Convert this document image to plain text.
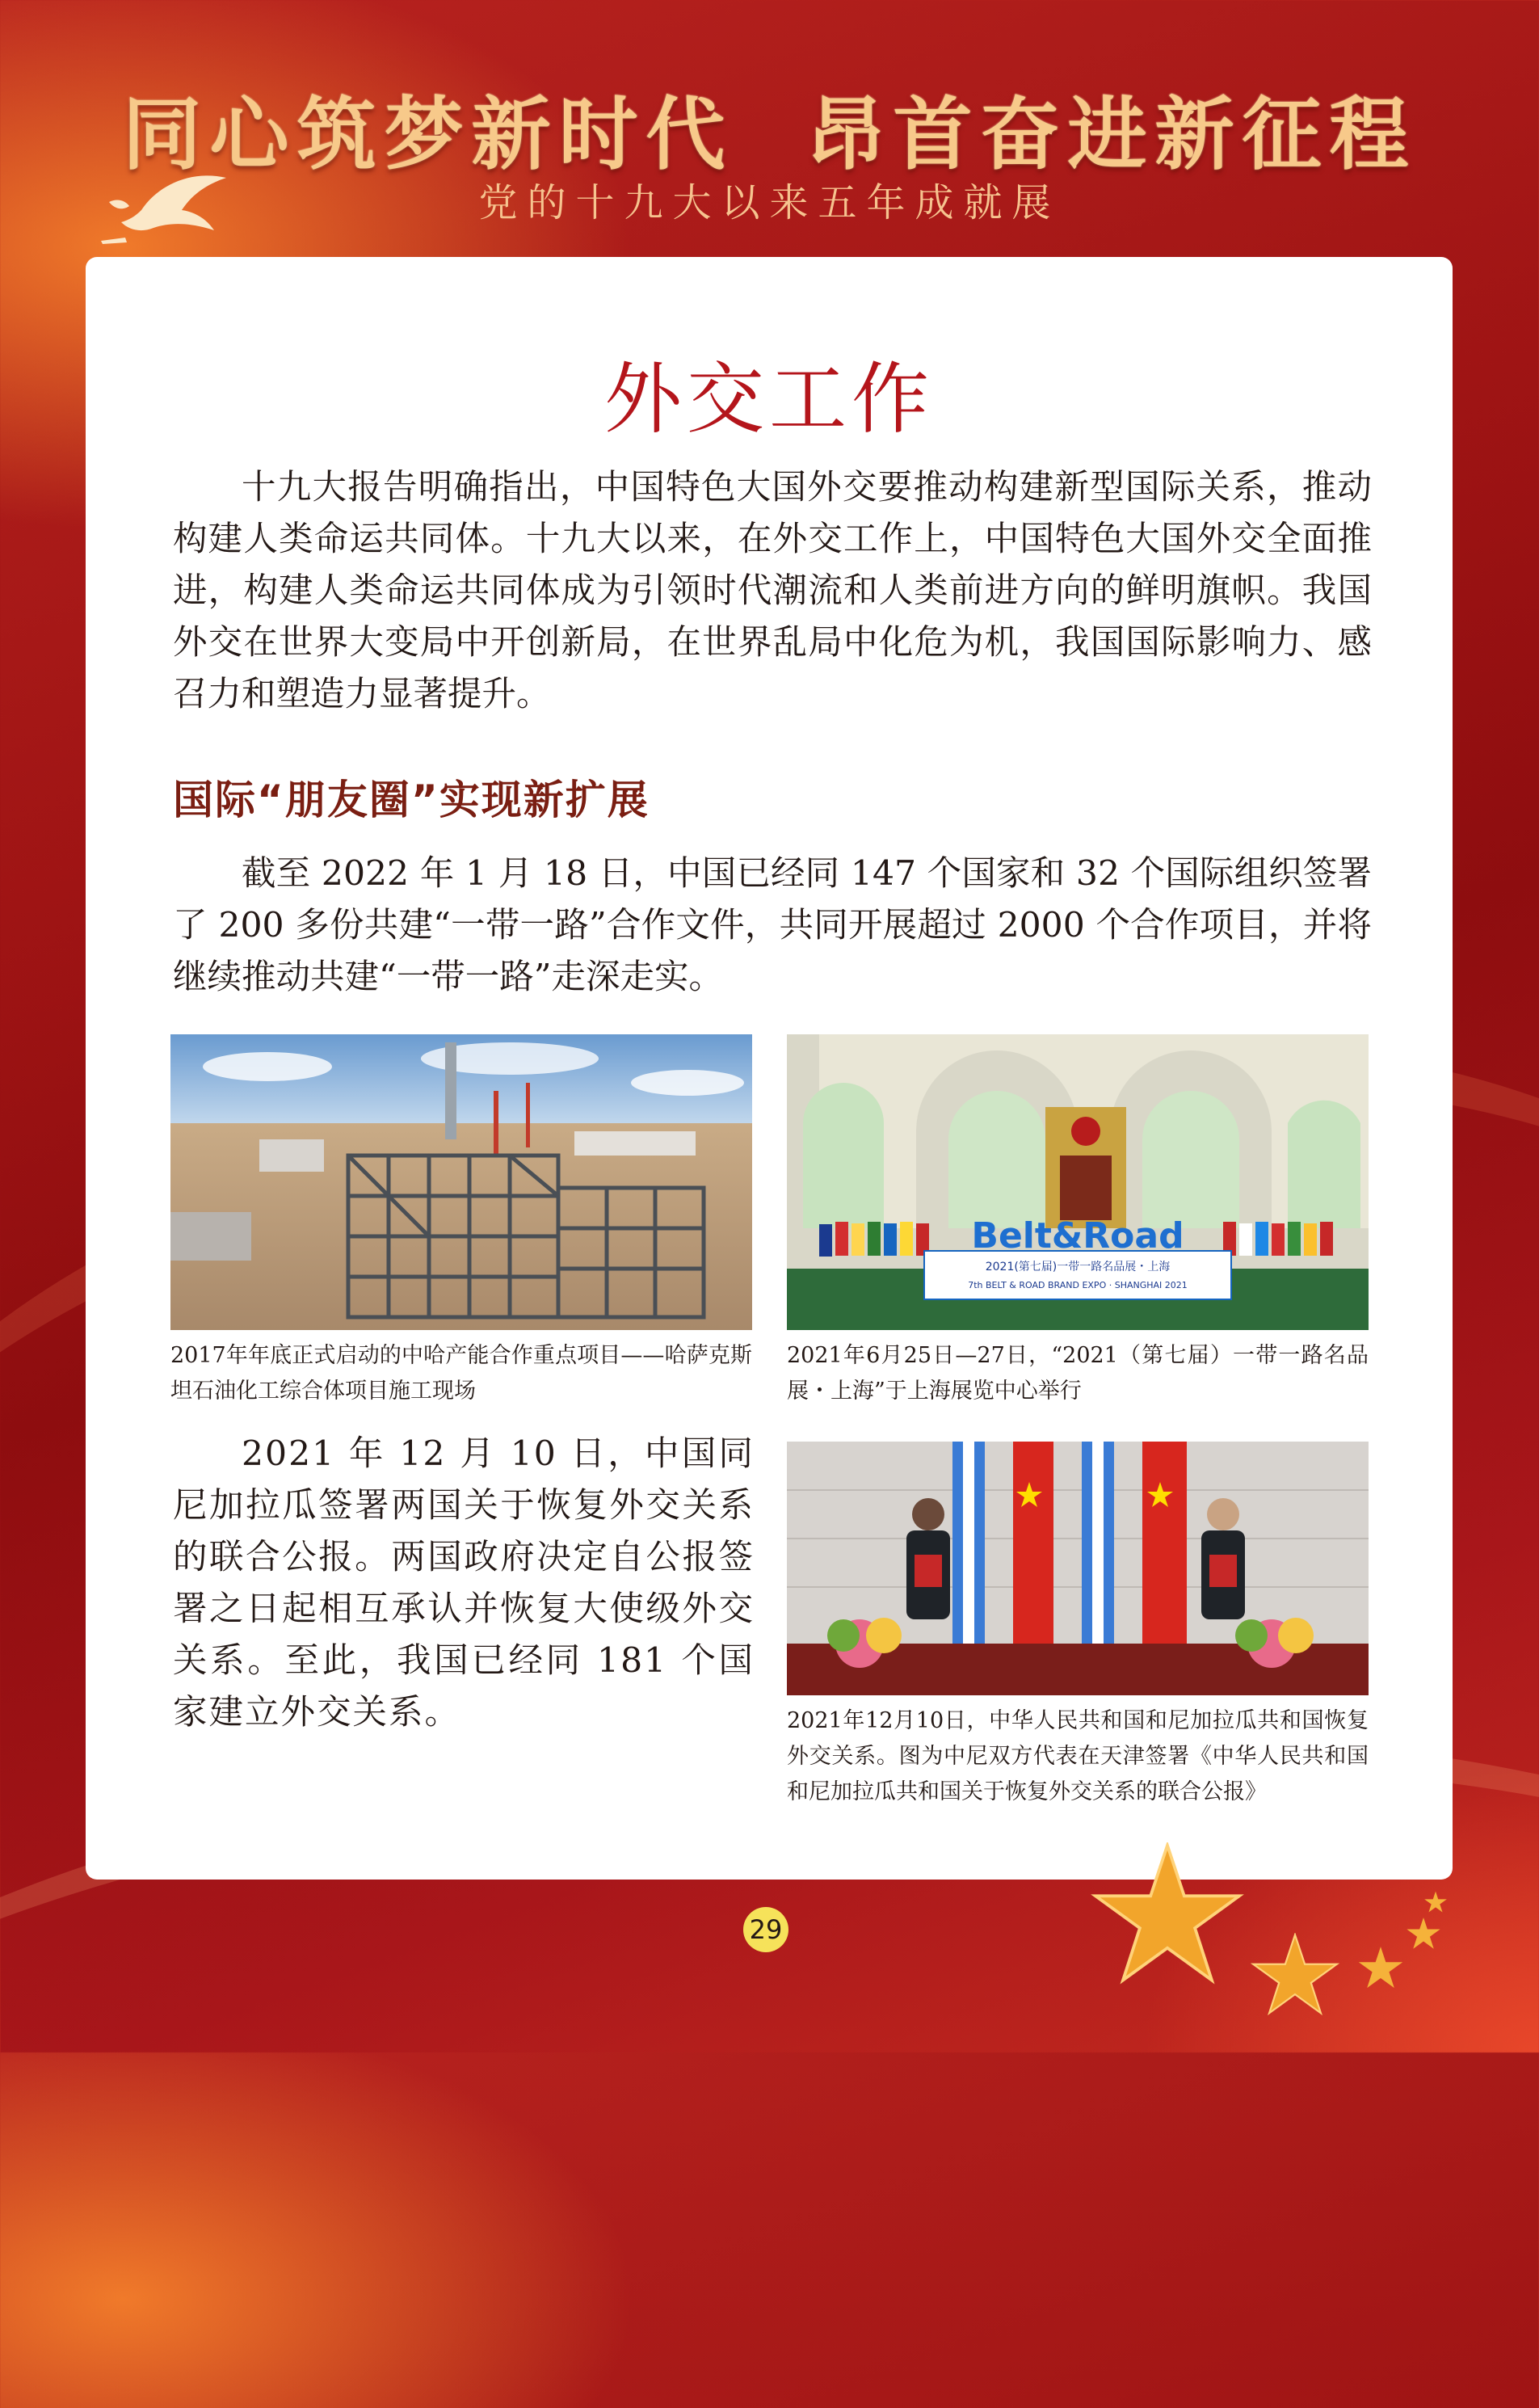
同心筑梦新时代 昂首奋进新征程
党的十九大以来五年成就展
外交工作

十九大报告明确指出，中国特色大国外交要推动构建新型国际关系，推动构建人类命运共同体。十九大以来，在外交工作上，中国特色大国外交全面推进，构建人类命运共同体成为引领时代潮流和人类前进方向的鲜明旗帜。我国外交在世界大变局中开创新局，在世界乱局中化危为机，我国国际影响力、感召力和塑造力显著提升。

国际“朋友圈”实现新扩展

截至 2022 年 1 月 18 日，中国已经同 147 个国家和 32 个国际组织签署了 200 多份共建“一带一路”合作文件，共同开展超过 2000 个合作项目，并将继续推动共建“一带一路”走深走实。

2017年年底正式启动的中哈产能合作重点项目——哈萨克斯坦石油化工综合体项目施工现场

Belt&Road
2021(第七届)一带一路名品展・上海
7th BELT & ROAD BRAND EXPO · SHANGHAI 2021

2021年6月25日—27日，“2021（第七届）一带一路名品展・上海”于上海展览中心举行

2021 年 12 月 10 日，中国同尼加拉瓜签署两国关于恢复外交关系的联合公报。两国政府决定自公报签署之日起相互承认并恢复大使级外交关系。至此，我国已经同 181 个国家建立外交关系。	2021年12月10日，中华人民共和国和尼加拉瓜共和国恢复外交关系。图为中尼双方代表在天津签署《中华人民共和国和尼加拉瓜共和国关于恢复外交关系的联合公报》

29
